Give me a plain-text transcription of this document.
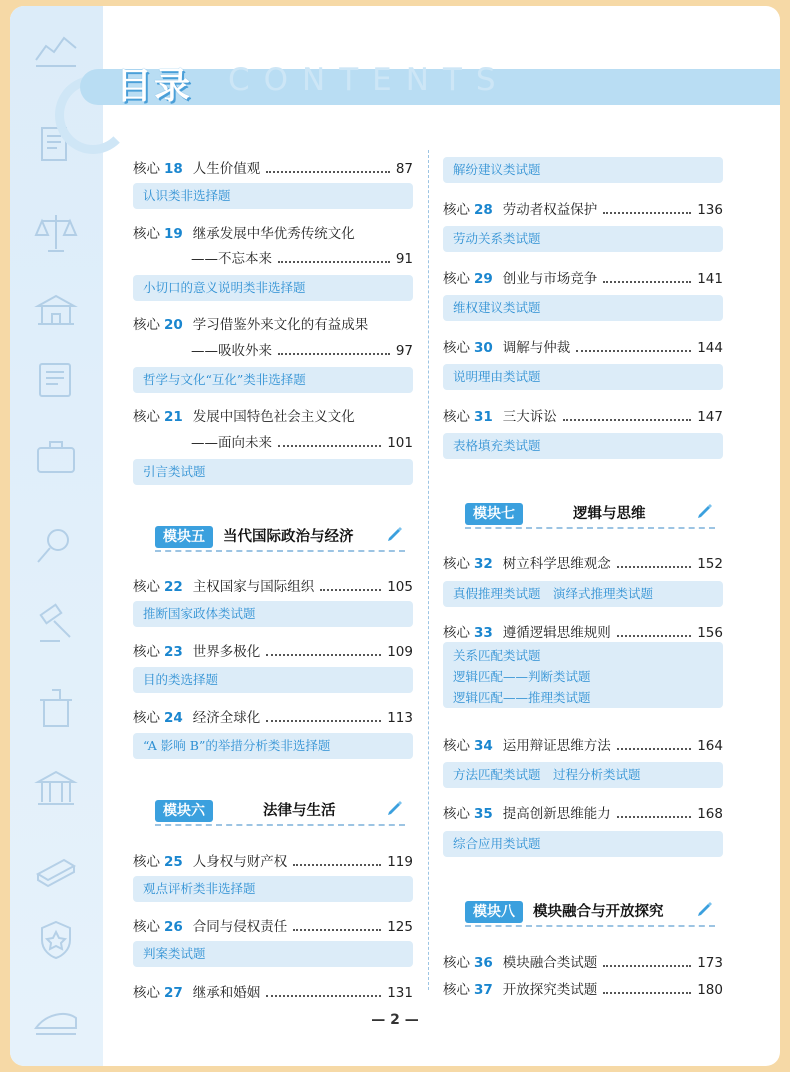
目录 CONTENTS
核心 18 人生价值观	87
认识类非选择题
核心 19 继承发展中华优秀传统文化
——不忘本来	91
小切口的意义说明类非选择题
核心 20 学习借鉴外来文化的有益成果
——吸收外来	97
哲学与文化“互化”类非选择题
核心 21 发展中国特色社会主义文化
——面向未来	101
引言类试题
模块五	当代国际政治与经济
核心 22 主权国家与国际组织	105
推断国家政体类试题
核心 23 世界多极化	109
目的类选择题
核心 24 经济全球化	113
“A 影响 B”的举措分析类非选择题
模块六	法律与生活
核心 25 人身权与财产权	119
观点评析类非选择题
核心 26 合同与侵权责任	125
判案类试题
核心 27 继承和婚姻	131
解纷建议类试题
核心 28 劳动者权益保护	136
劳动关系类试题
核心 29 创业与市场竞争	141
维权建议类试题
核心 30 调解与仲裁	144
说明理由类试题
核心 31 三大诉讼	147
表格填充类试题
模块七	逻辑与思维
核心 32 树立科学思维观念	152
真假推理类试题　演绎式推理类试题
核心 33 遵循逻辑思维规则	156
关系匹配类试题
逻辑匹配——判断类试题
逻辑匹配——推理类试题
核心 34 运用辩证思维方法	164
方法匹配类试题　过程分析类试题
核心 35 提高创新思维能力	168
综合应用类试题
模块八	模块融合与开放探究
核心 36 模块融合类试题	173
核心 37 开放探究类试题	180
— 2 —
